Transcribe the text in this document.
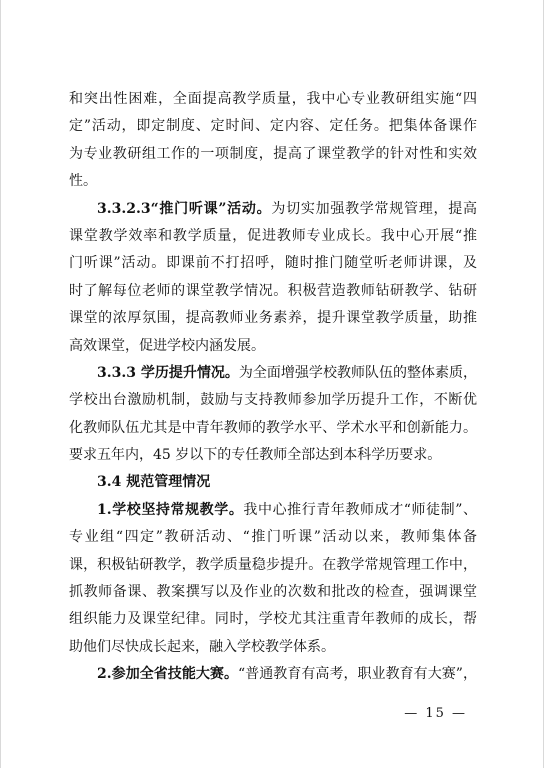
和突出性困难，全面提高教学质量，我中心专业教研组实施“四
定”活动，即定制度、定时间、定内容、定任务。把集体备课作
为专业教研组工作的一项制度，提高了课堂教学的针对性和实效
性。
3.3.2.3“推门听课”活动。为切实加强教学常规管理，提高
课堂教学效率和教学质量，促进教师专业成长。我中心开展“推
门听课”活动。即课前不打招呼，随时推门随堂听老师讲课，及
时了解每位老师的课堂教学情况。积极营造教师钻研教学、钻研
课堂的浓厚氛围，提高教师业务素养，提升课堂教学质量，助推
高效课堂，促进学校内涵发展。
3.3.3 学历提升情况。为全面增强学校教师队伍的整体素质，
学校出台激励机制，鼓励与支持教师参加学历提升工作，不断优
化教师队伍尤其是中青年教师的教学水平、学术水平和创新能力。
要求五年内，45 岁以下的专任教师全部达到本科学历要求。
3.4 规范管理情况
1.学校坚持常规教学。我中心推行青年教师成才“师徒制”、
专业组“四定”教研活动、“推门听课”活动以来，教师集体备
课，积极钻研教学，教学质量稳步提升。在教学常规管理工作中，
抓教师备课、教案撰写以及作业的次数和批改的检查，强调课堂
组织能力及课堂纪律。同时，学校尤其注重青年教师的成长，帮
助他们尽快成长起来，融入学校教学体系。
2.参加全省技能大赛。“普通教育有高考，职业教育有大赛”，
— 15 —
